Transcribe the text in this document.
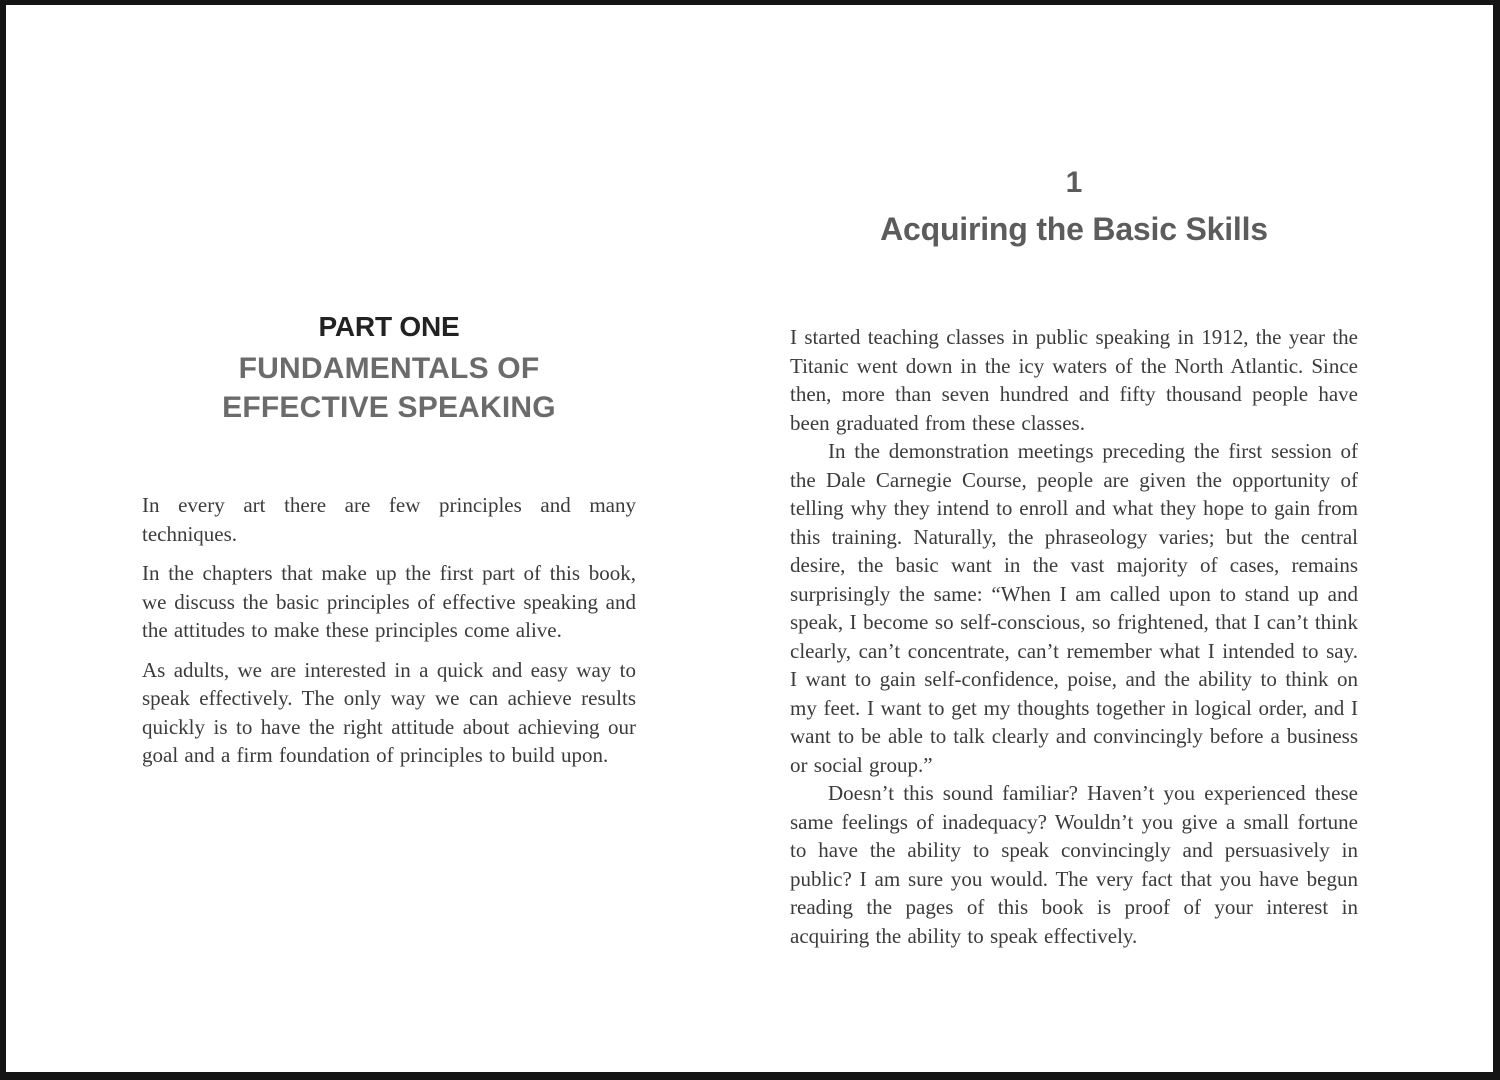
PART ONE
FUNDAMENTALS OF
EFFECTIVE SPEAKING

In every art there are few principles and many techniques.

In the chapters that make up the first part of this book, we discuss the basic principles of effective speaking and the attitudes to make these principles come alive.

As adults, we are interested in a quick and easy way to speak effectively. The only way we can achieve results quickly is to have the right attitude about achieving our goal and a firm foundation of principles to build upon.

1
Acquiring the Basic Skills

I started teaching classes in public speaking in 1912, the year the Titanic went down in the icy waters of the North Atlantic. Since then, more than seven hundred and fifty thousand people have been graduated from these classes.

In the demonstration meetings preceding the first session of the Dale Carnegie Course, people are given the opportunity of telling why they intend to enroll and what they hope to gain from this training. Naturally, the phraseology varies; but the central desire, the basic want in the vast majority of cases, remains surprisingly the same: “When I am called upon to stand up and speak, I become so self-conscious, so frightened, that I can’t think clearly, can’t concentrate, can’t remember what I intended to say. I want to gain self-confidence, poise, and the ability to think on my feet. I want to get my thoughts together in logical order, and I want to be able to talk clearly and convincingly before a business or social group.”

Doesn’t this sound familiar? Haven’t you experienced these same feelings of inadequacy? Wouldn’t you give a small fortune to have the ability to speak convincingly and persuasively in public? I am sure you would. The very fact that you have begun reading the pages of this book is proof of your interest in acquiring the ability to speak effectively.
